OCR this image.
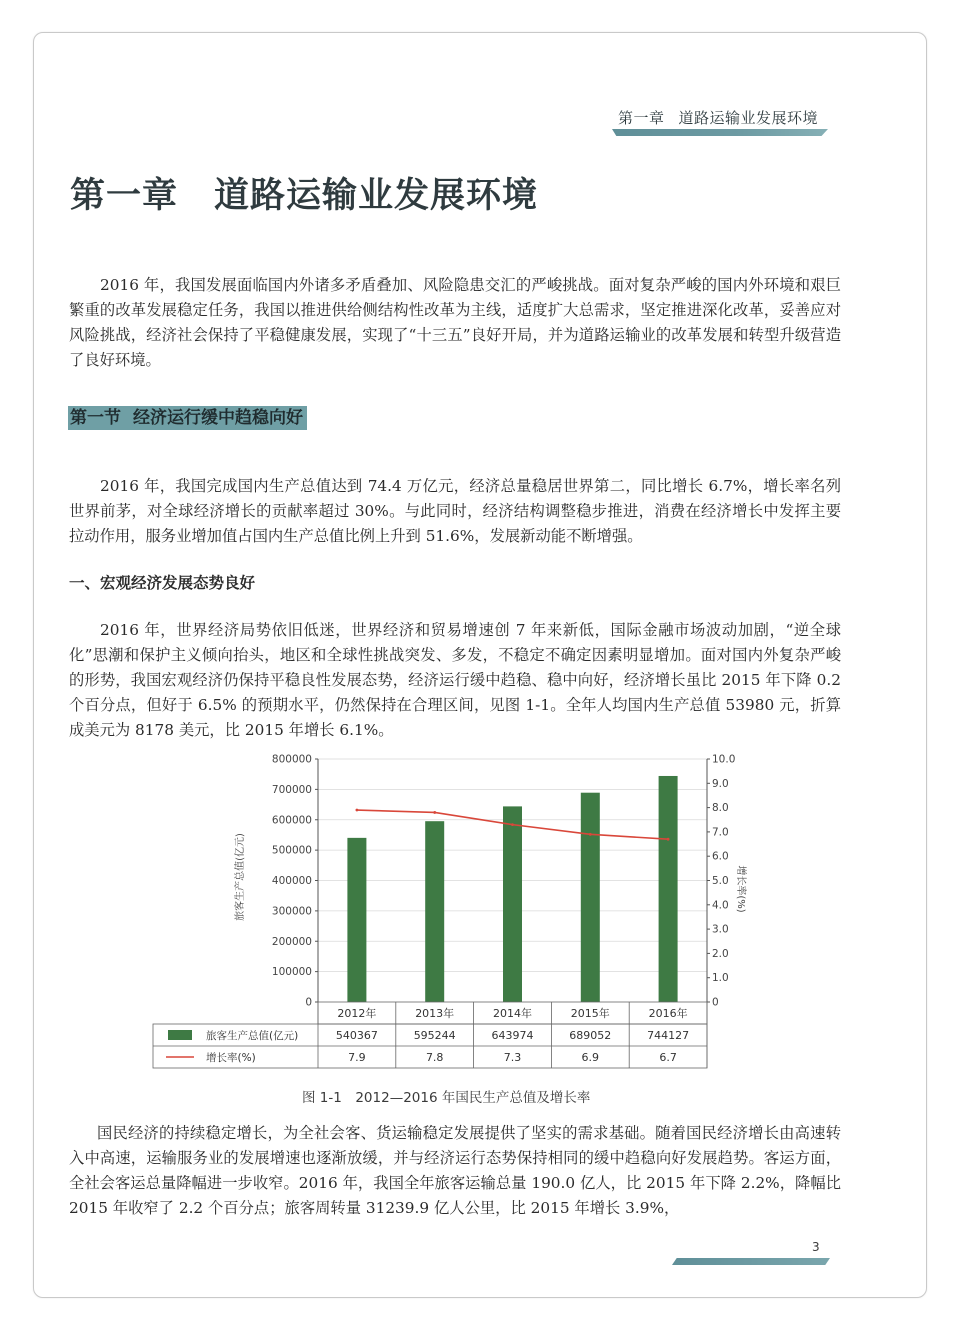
第一章 道路运输业发展环境
第一章 道路运输业发展环境
2016 年，我国发展面临国内外诸多矛盾叠加、风险隐患交汇的严峻挑战。面对复杂严峻的国内外环境和艰巨繁重的改革发展稳定任务，我国以推进供给侧结构性改革为主线，适度扩大总需求，坚定推进深化改革，妥善应对风险挑战，经济社会保持了平稳健康发展，实现了“十三五”良好开局，并为道路运输业的改革发展和转型升级营造了良好环境。
第一节 经济运行缓中趋稳向好
2016 年，我国完成国内生产总值达到 74.4 万亿元，经济总量稳居世界第二，同比增长 6.7%，增长率名列世界前茅，对全球经济增长的贡献率超过 30%。与此同时，经济结构调整稳步推进，消费在经济增长中发挥主要拉动作用，服务业增加值占国内生产总值比例上升到 51.6%，发展新动能不断增强。
一、宏观经济发展态势良好
2016 年，世界经济局势依旧低迷，世界经济和贸易增速创 7 年来新低，国际金融市场波动加剧，“逆全球化”思潮和保护主义倾向抬头，地区和全球性挑战突发、多发，不稳定不确定因素明显增加。面对国内外复杂严峻的形势，我国宏观经济仍保持平稳良性发展态势，经济运行缓中趋稳、稳中向好，经济增长虽比 2015 年下降 0.2 个百分点，但好于 6.5% 的预期水平，仍然保持在合理区间，见图 1-1。全年人均国内生产总值 53980 元，折算成美元为 8178 美元，比 2015 年增长 6.1%。
0
100000
200000
300000
400000
500000
600000
700000
800000
0
1.0
2.0
3.0
4.0
5.0
6.0
7.0
8.0
9.0
10.0
2012年	2013年	2014年	2015年	2016年
旅客生产总值(亿元)	540367	595244	643974	689052	744127
增长率(%)	7.9	7.8	7.3	6.9	6.7
旅客生产总值(亿元)	增长率(%)
图 1-1　2012—2016 年国民生产总值及增长率
国民经济的持续稳定增长，为全社会客、货运输稳定发展提供了坚实的需求基础。随着国民经济增长由高速转入中高速，运输服务业的发展增速也逐渐放缓，并与经济运行态势保持相同的缓中趋稳向好发展趋势。客运方面，全社会客运总量降幅进一步收窄。2016 年，我国全年旅客运输总量 190.0 亿人，比 2015 年下降 2.2%，降幅比 2015 年收窄了 2.2 个百分点；旅客周转量 31239.9 亿人公里，比 2015 年增长 3.9%，
3
